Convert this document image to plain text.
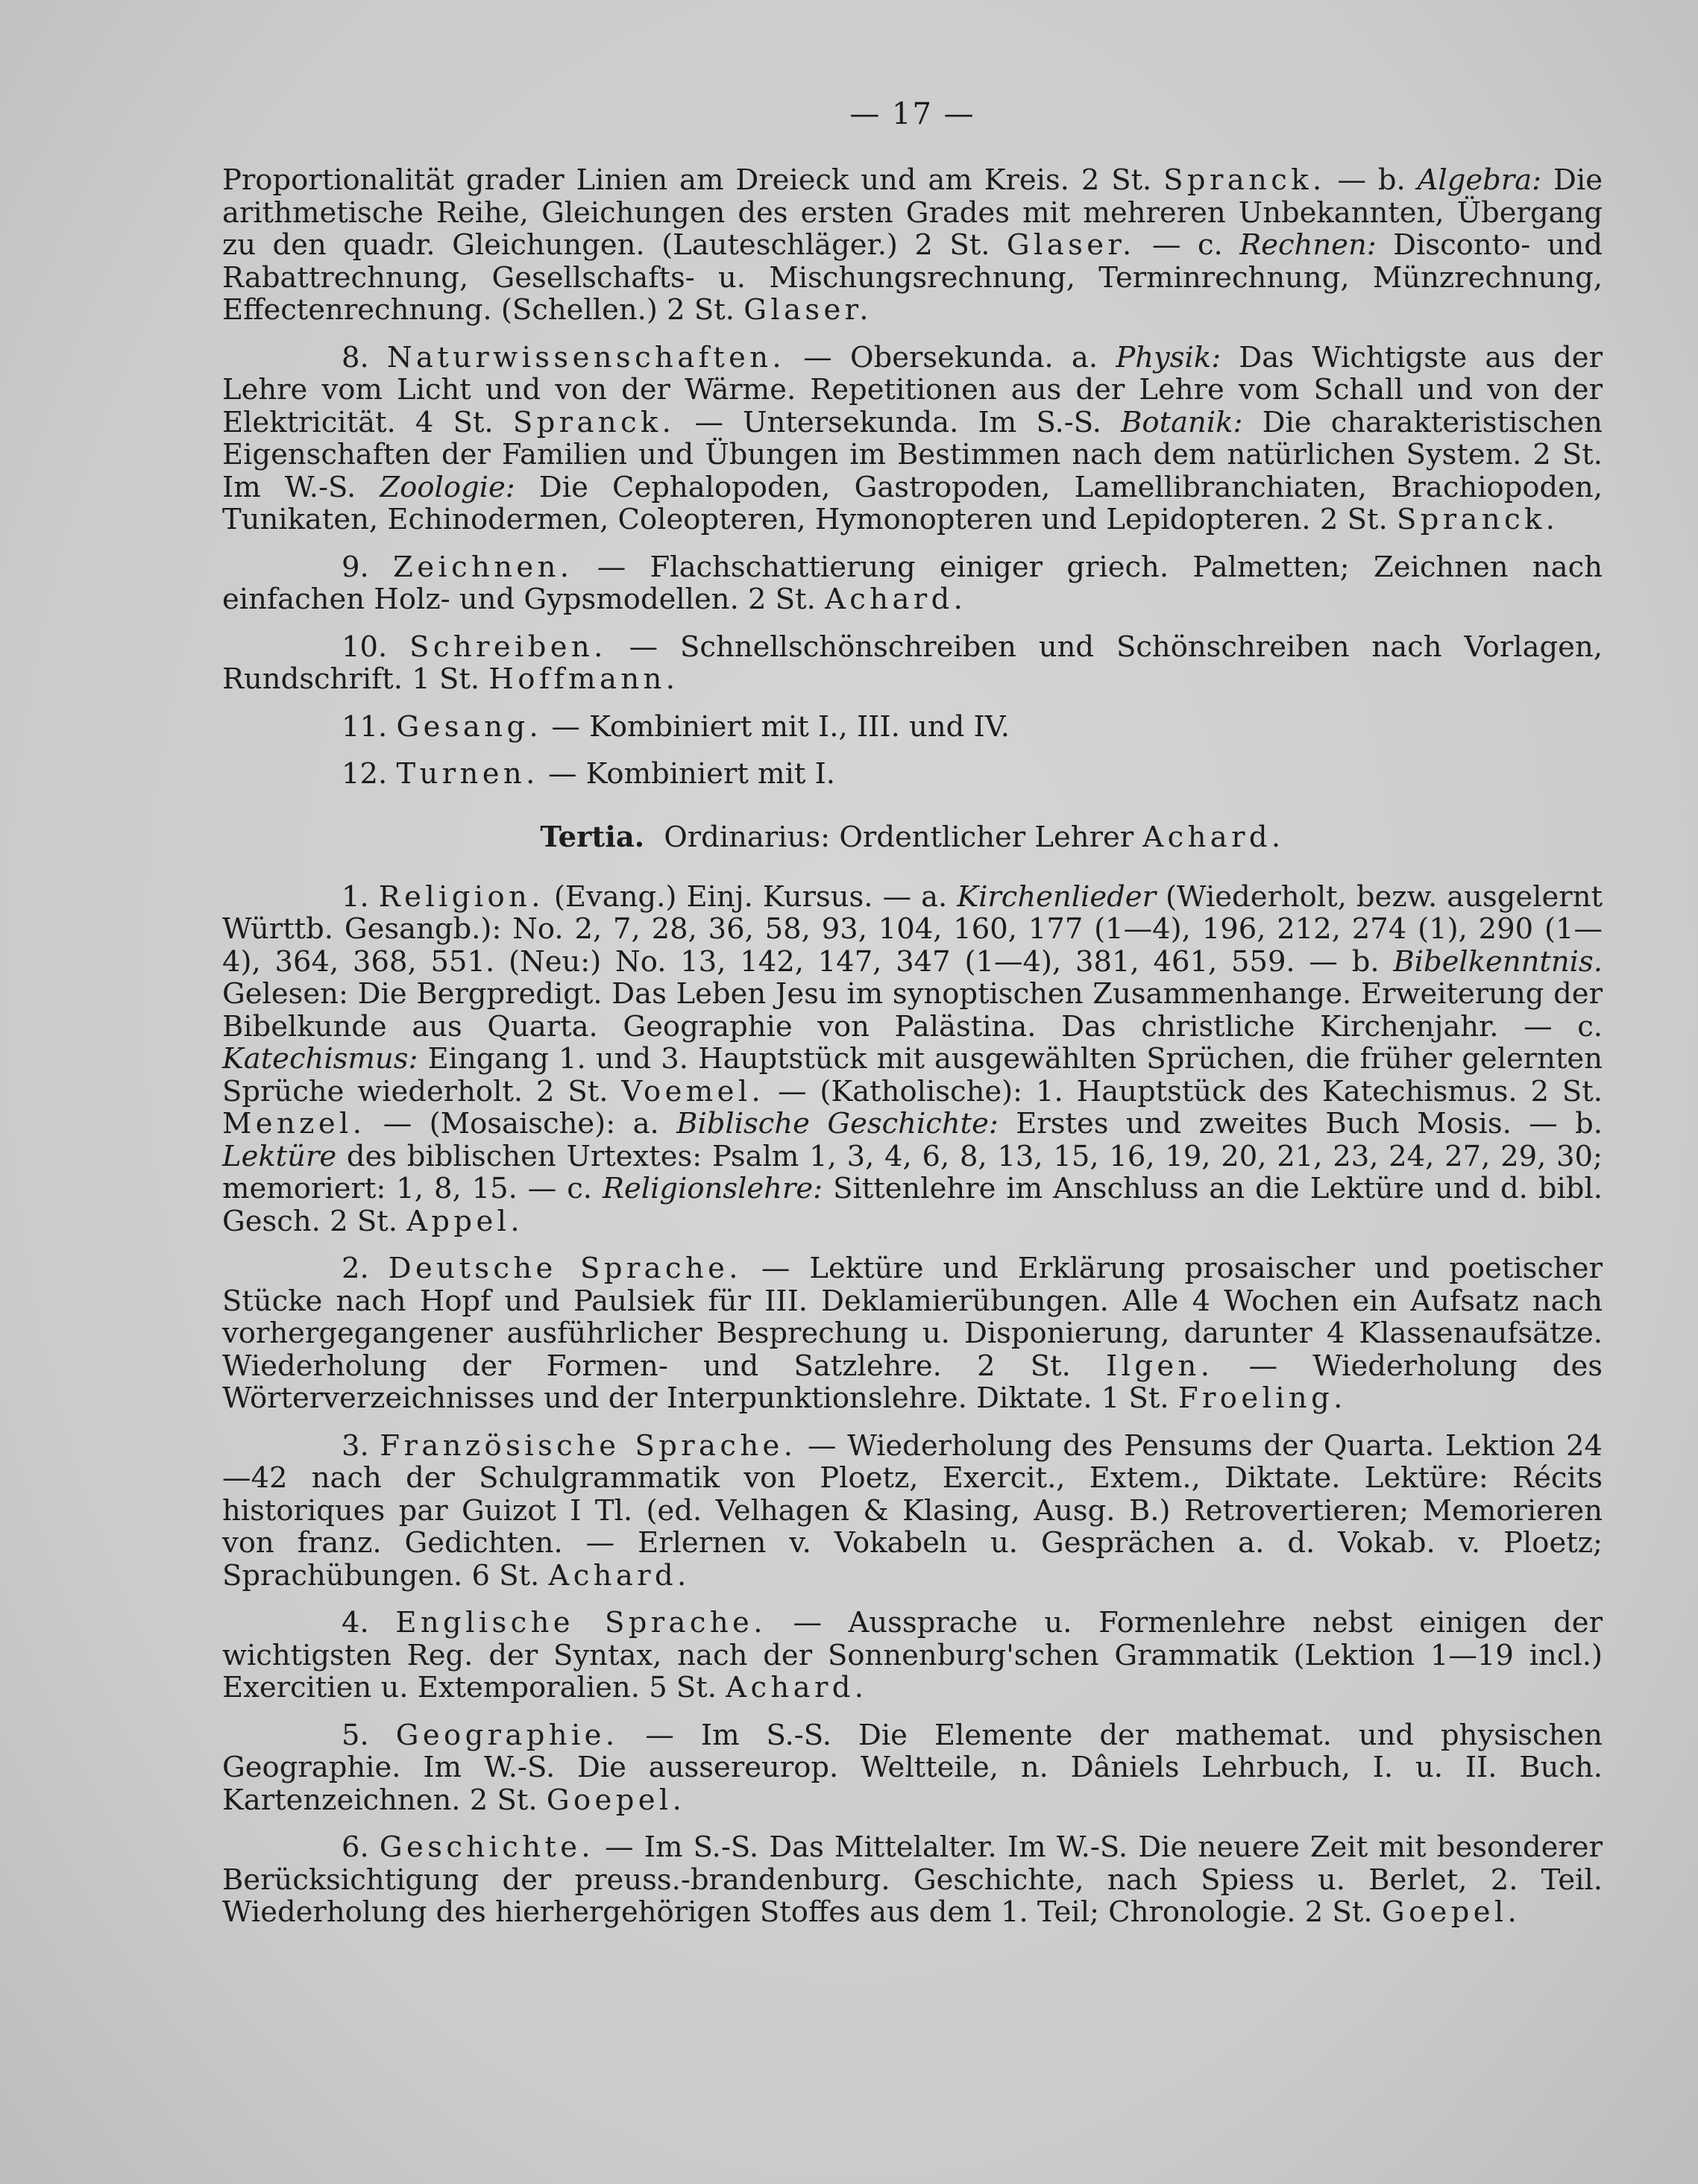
— 17 —

Proportionalität grader Linien am Dreieck und am Kreis. 2 St. Spranck. — b. Algebra: Die arithmetische Reihe, Gleichungen des ersten Grades mit mehreren Unbekannten, Übergang zu den quadr. Gleichungen. (Lauteschläger.) 2 St. Glaser. — c. Rechnen: Disconto- und Rabattrechnung, Gesellschafts- u. Mischungsrechnung, Terminrechnung, Münzrechnung, Effectenrechnung. (Schellen.) 2 St. Glaser.

8. Naturwissenschaften. — Obersekunda. a. Physik: Das Wichtigste aus der Lehre vom Licht und von der Wärme. Repetitionen aus der Lehre vom Schall und von der Elektricität. 4 St. Spranck. — Untersekunda. Im S.-S. Botanik: Die charakteristischen Eigenschaften der Familien und Übungen im Bestimmen nach dem natürlichen System. 2 St. Im W.-S. Zoologie: Die Cephalopoden, Gastropoden, Lamellibranchiaten, Brachiopoden, Tunikaten, Echinodermen, Coleopteren, Hymonopteren und Lepidopteren. 2 St. Spranck.

9. Zeichnen. — Flachschattierung einiger griech. Palmetten; Zeichnen nach einfachen Holz- und Gypsmodellen. 2 St. Achard.

10. Schreiben. — Schnellschönschreiben und Schönschreiben nach Vorlagen, Rundschrift. 1 St. Hoffmann.

11. Gesang. — Kombiniert mit I., III. und IV.

12. Turnen. — Kombiniert mit I.

Tertia. Ordinarius: Ordentlicher Lehrer Achard.

1. Religion. (Evang.) Einj. Kursus. — a. Kirchenlieder (Wiederholt, bezw. ausgelernt Württb. Gesangb.): No. 2, 7, 28, 36, 58, 93, 104, 160, 177 (1—4), 196, 212, 274 (1), 290 (1—4), 364, 368, 551. (Neu:) No. 13, 142, 147, 347 (1—4), 381, 461, 559. — b. Bibelkenntnis. Gelesen: Die Bergpredigt. Das Leben Jesu im synoptischen Zusammenhange. Erweiterung der Bibelkunde aus Quarta. Geographie von Palästina. Das christliche Kirchenjahr. — c. Katechismus: Eingang 1. und 3. Hauptstück mit ausgewählten Sprüchen, die früher gelernten Sprüche wiederholt. 2 St. Voemel. — (Katholische): 1. Hauptstück des Katechismus. 2 St. Menzel. — (Mosaische): a. Biblische Geschichte: Erstes und zweites Buch Mosis. — b. Lektüre des biblischen Urtextes: Psalm 1, 3, 4, 6, 8, 13, 15, 16, 19, 20, 21, 23, 24, 27, 29, 30; memoriert: 1, 8, 15. — c. Religionslehre: Sittenlehre im Anschluss an die Lektüre und d. bibl. Gesch. 2 St. Appel.

2. Deutsche Sprache. — Lektüre und Erklärung prosaischer und poetischer Stücke nach Hopf und Paulsiek für III. Deklamierübungen. Alle 4 Wochen ein Aufsatz nach vorhergegangener ausführlicher Besprechung u. Disponierung, darunter 4 Klassenaufsätze. Wiederholung der Formen- und Satzlehre. 2 St. Ilgen. — Wiederholung des Wörterverzeichnisses und der Interpunktionslehre. Diktate. 1 St. Froeling.

3. Französische Sprache. — Wiederholung des Pensums der Quarta. Lektion 24—42 nach der Schulgrammatik von Ploetz, Exercit., Extem., Diktate. Lektüre: Récits historiques par Guizot I Tl. (ed. Velhagen & Klasing, Ausg. B.) Retrovertieren; Memorieren von franz. Gedichten. — Erlernen v. Vokabeln u. Gesprächen a. d. Vokab. v. Ploetz; Sprachübungen. 6 St. Achard.

4. Englische Sprache. — Aussprache u. Formenlehre nebst einigen der wichtigsten Reg. der Syntax, nach der Sonnenburg'schen Grammatik (Lektion 1—19 incl.) Exercitien u. Extemporalien. 5 St. Achard.

5. Geographie. — Im S.-S. Die Elemente der mathemat. und physischen Geographie. Im W.-S. Die aussereurop. Weltteile, n. Dâniels Lehrbuch, I. u. II. Buch. Kartenzeichnen. 2 St. Goepel.

6. Geschichte. — Im S.-S. Das Mittelalter. Im W.-S. Die neuere Zeit mit besonderer Berücksichtigung der preuss.-brandenburg. Geschichte, nach Spiess u. Berlet, 2. Teil. Wiederholung des hierhergehörigen Stoffes aus dem 1. Teil; Chronologie. 2 St. Goepel.
